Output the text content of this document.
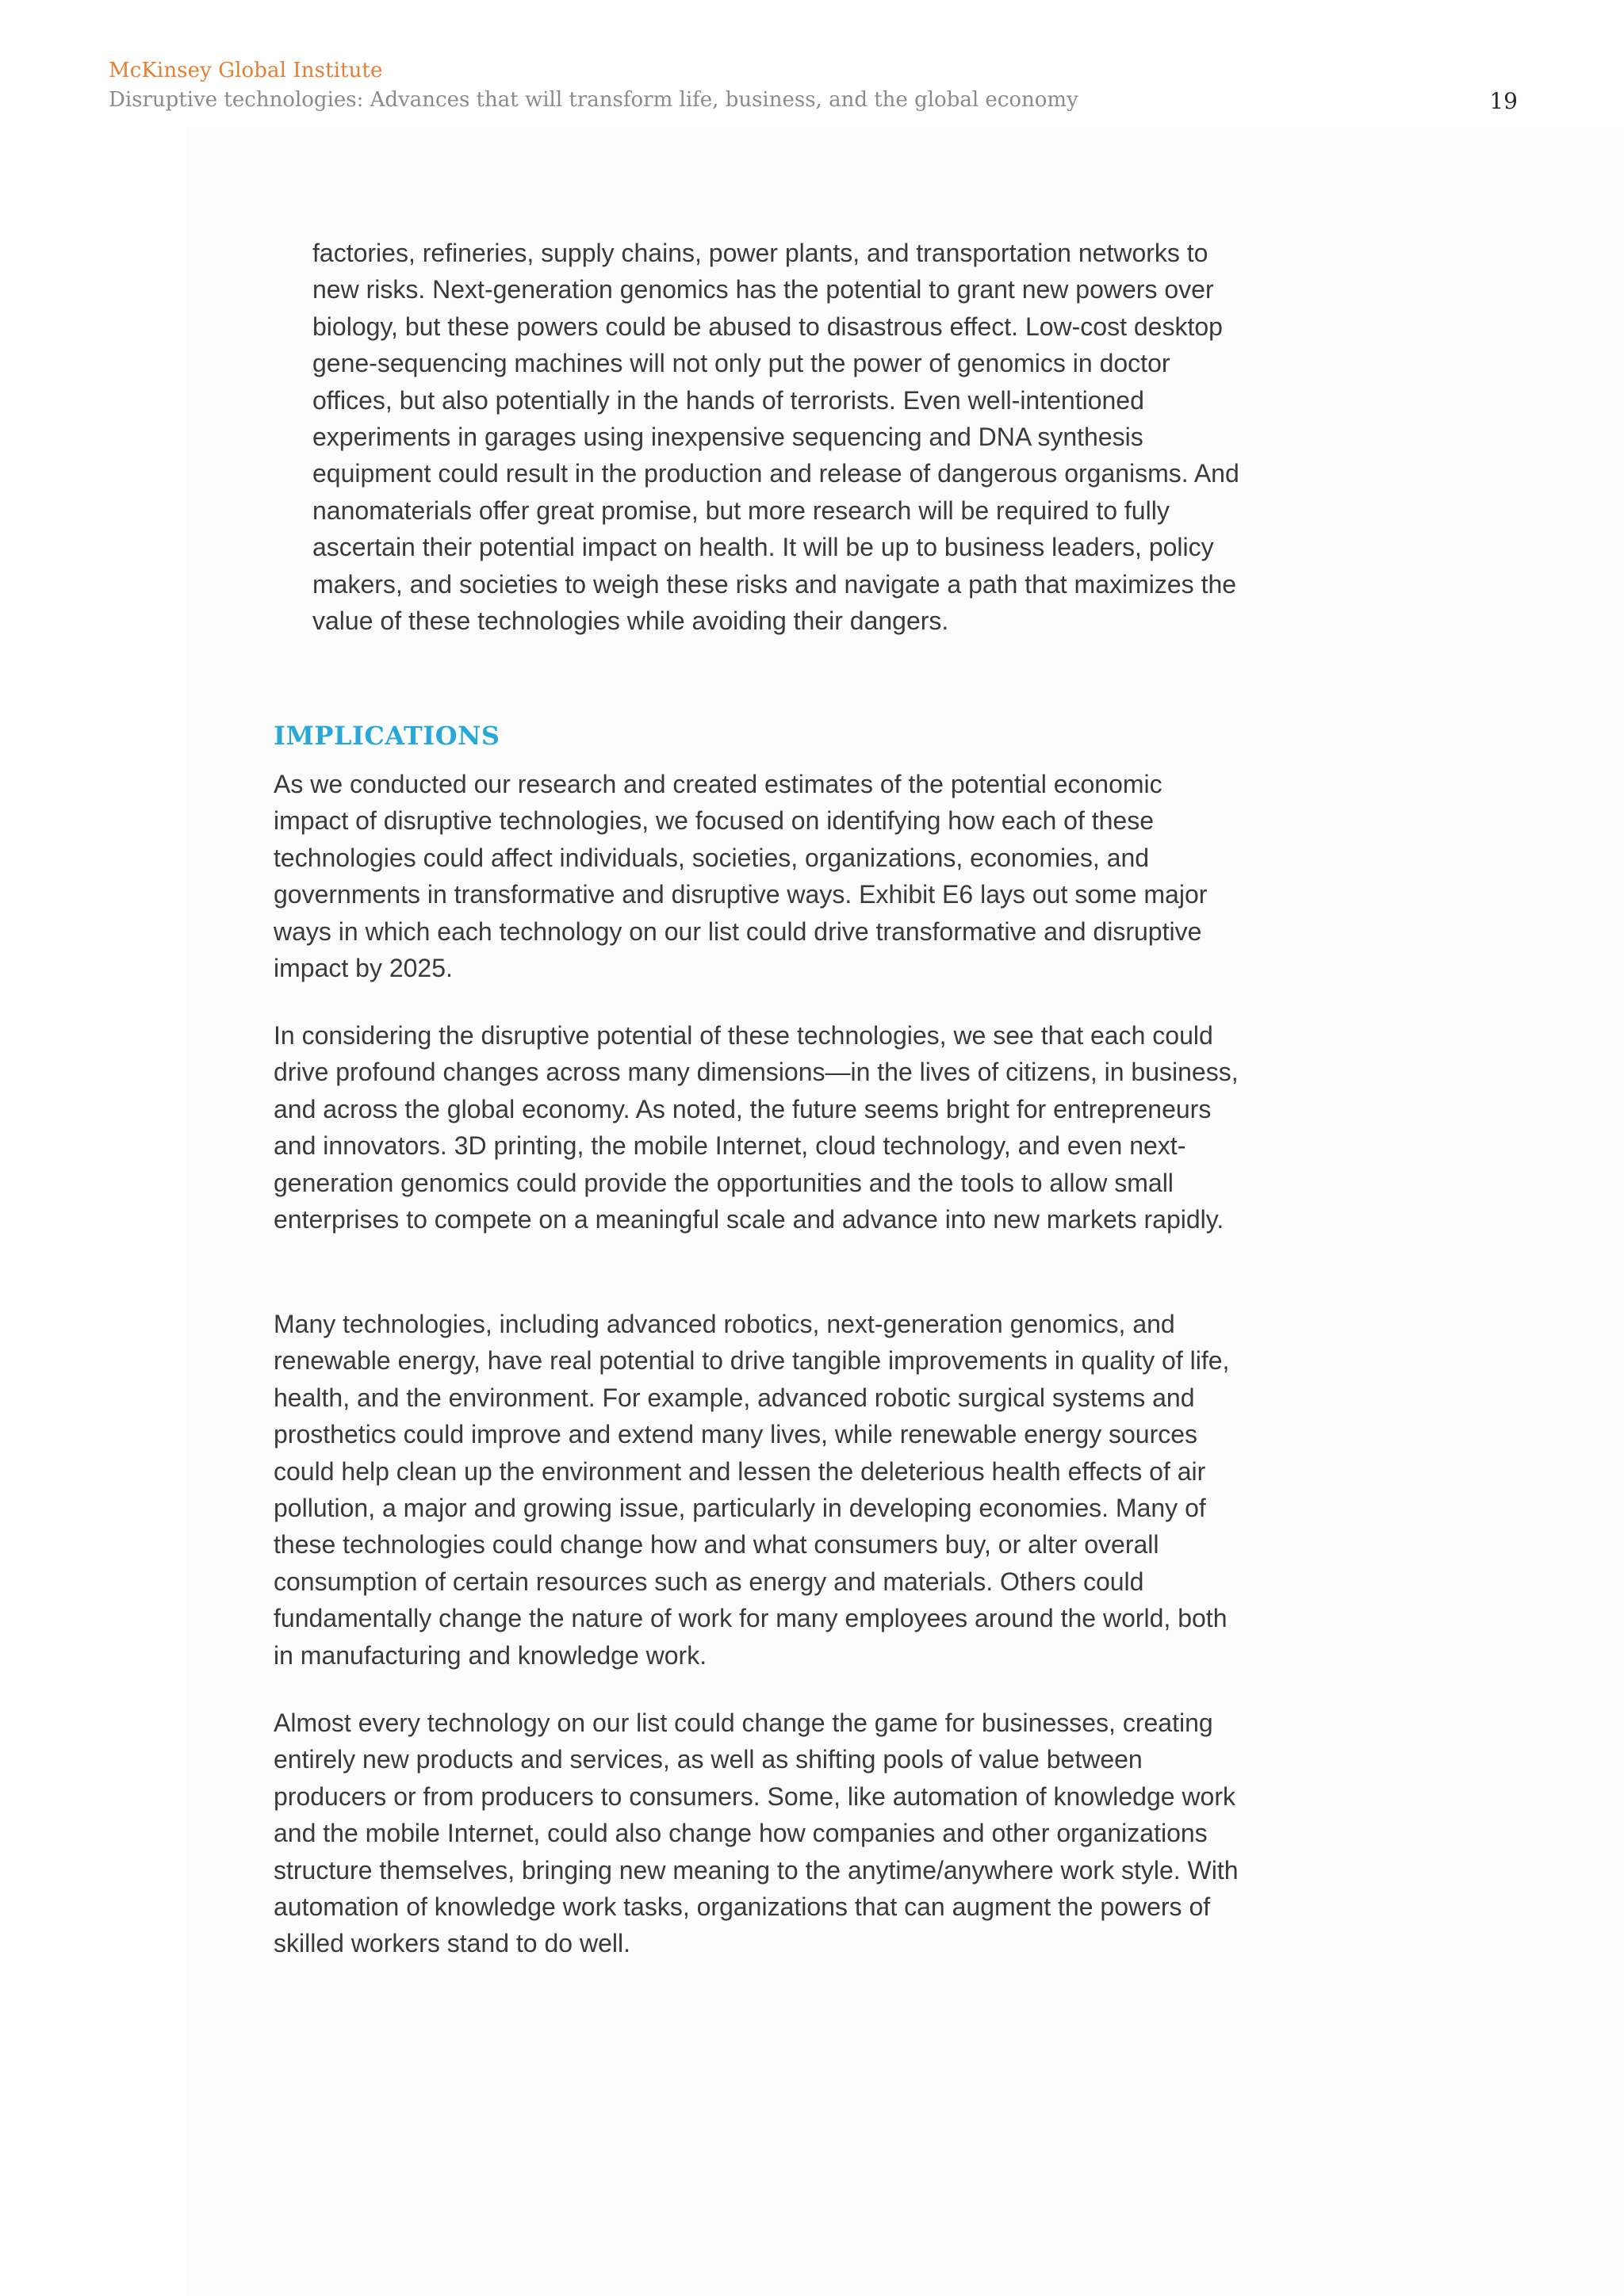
McKinsey Global Institute
Disruptive technologies: Advances that will transform life, business, and the global economy	19

factories, refineries, supply chains, power plants, and transportation networks to new risks. Next-generation genomics has the potential to grant new powers over biology, but these powers could be abused to disastrous effect. Low-cost desktop gene-sequencing machines will not only put the power of genomics in doctor offices, but also potentially in the hands of terrorists. Even well-intentioned experiments in garages using inexpensive sequencing and DNA synthesis equipment could result in the production and release of dangerous organisms. And nanomaterials offer great promise, but more research will be required to fully ascertain their potential impact on health. It will be up to business leaders, policy makers, and societies to weigh these risks and navigate a path that maximizes the value of these technologies while avoiding their dangers.

IMPLICATIONS

As we conducted our research and created estimates of the potential economic impact of disruptive technologies, we focused on identifying how each of these technologies could affect individuals, societies, organizations, economies, and governments in transformative and disruptive ways. Exhibit E6 lays out some major ways in which each technology on our list could drive transformative and disruptive impact by 2025.

In considering the disruptive potential of these technologies, we see that each could drive profound changes across many dimensions—in the lives of citizens, in business, and across the global economy. As noted, the future seems bright for entrepreneurs and innovators. 3D printing, the mobile Internet, cloud technology, and even next-generation genomics could provide the opportunities and the tools to allow small enterprises to compete on a meaningful scale and advance into new markets rapidly.

Many technologies, including advanced robotics, next-generation genomics, and renewable energy, have real potential to drive tangible improvements in quality of life, health, and the environment. For example, advanced robotic surgical systems and prosthetics could improve and extend many lives, while renewable energy sources could help clean up the environment and lessen the deleterious health effects of air pollution, a major and growing issue, particularly in developing economies. Many of these technologies could change how and what consumers buy, or alter overall consumption of certain resources such as energy and materials. Others could fundamentally change the nature of work for many employees around the world, both in manufacturing and knowledge work.

Almost every technology on our list could change the game for businesses, creating entirely new products and services, as well as shifting pools of value between producers or from producers to consumers. Some, like automation of knowledge work and the mobile Internet, could also change how companies and other organizations structure themselves, bringing new meaning to the anytime/anywhere work style. With automation of knowledge work tasks, organizations that can augment the powers of skilled workers stand to do well.
